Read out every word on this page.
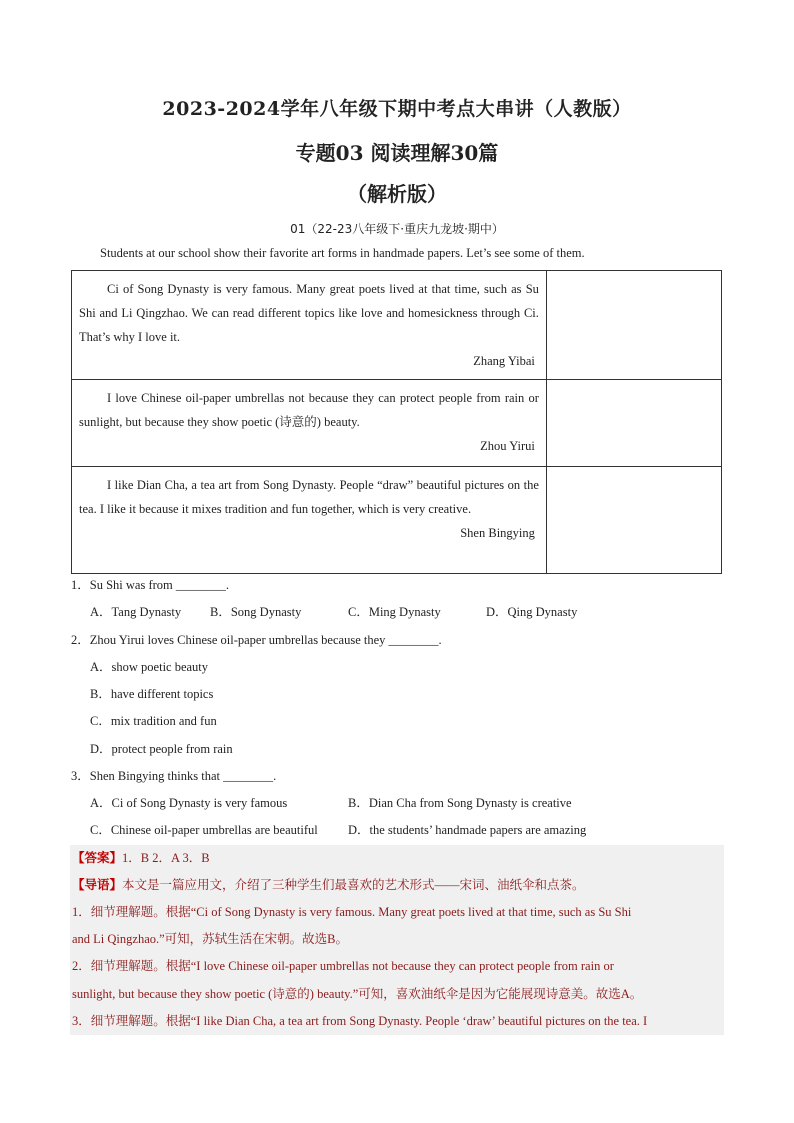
2023-2024学年八年级下期中考点大串讲（人教版）
专题03 阅读理解30篇
（解析版）
01（22-23八年级下·重庆九龙坡·期中）
Students at our school show their favorite art forms in handmade papers. Let’s see some of them.

Ci of Song Dynasty is very famous. Many great poets lived at that time, such as Su Shi and Li Qingzhao. We can read different topics like love and homesickness through Ci. That’s why I love it.

Zhang Yibai	

I love Chinese oil-paper umbrellas not because they can protect people from rain or sunlight, but because they show poetic (诗意的) beauty.

Zhou Yirui	

I like Dian Cha, a tea art from Song Dynasty. People “draw” beautiful pictures on the tea. I like it because it mixes tradition and fun together, which is very creative.

Shen Bingying	

1．Su Shi was from ________.
A．Tang Dynasty B．Song Dynasty	C．Ming Dynasty	D．Qing Dynasty
2．Zhou Yirui loves Chinese oil-paper umbrellas because they ________.
A．show poetic beauty
B．have different topics
C．mix tradition and fun
D．protect people from rain
3．Shen Bingying thinks that ________.
A．Ci of Song Dynasty is very famous	B．Dian Cha from Song Dynasty is creative
C．Chinese oil-paper umbrellas are beautiful D．the students’ handmade papers are amazing
【答案】1．B 2．A 3．B
【导语】本文是一篇应用文，介绍了三种学生们最喜欢的艺术形式——宋词、油纸伞和点茶。
1．细节理解题。根据“Ci of Song Dynasty is very famous. Many great poets lived at that time, such as Su Shi
and Li Qingzhao.”可知，苏轼生活在宋朝。故选B。
2．细节理解题。根据“I love Chinese oil-paper umbrellas not because they can protect people from rain or
sunlight, but because they show poetic (诗意的) beauty.”可知，喜欢油纸伞是因为它能展现诗意美。故选A。
3．细节理解题。根据“I like Dian Cha, a tea art from Song Dynasty. People ‘draw’ beautiful pictures on the tea. I
